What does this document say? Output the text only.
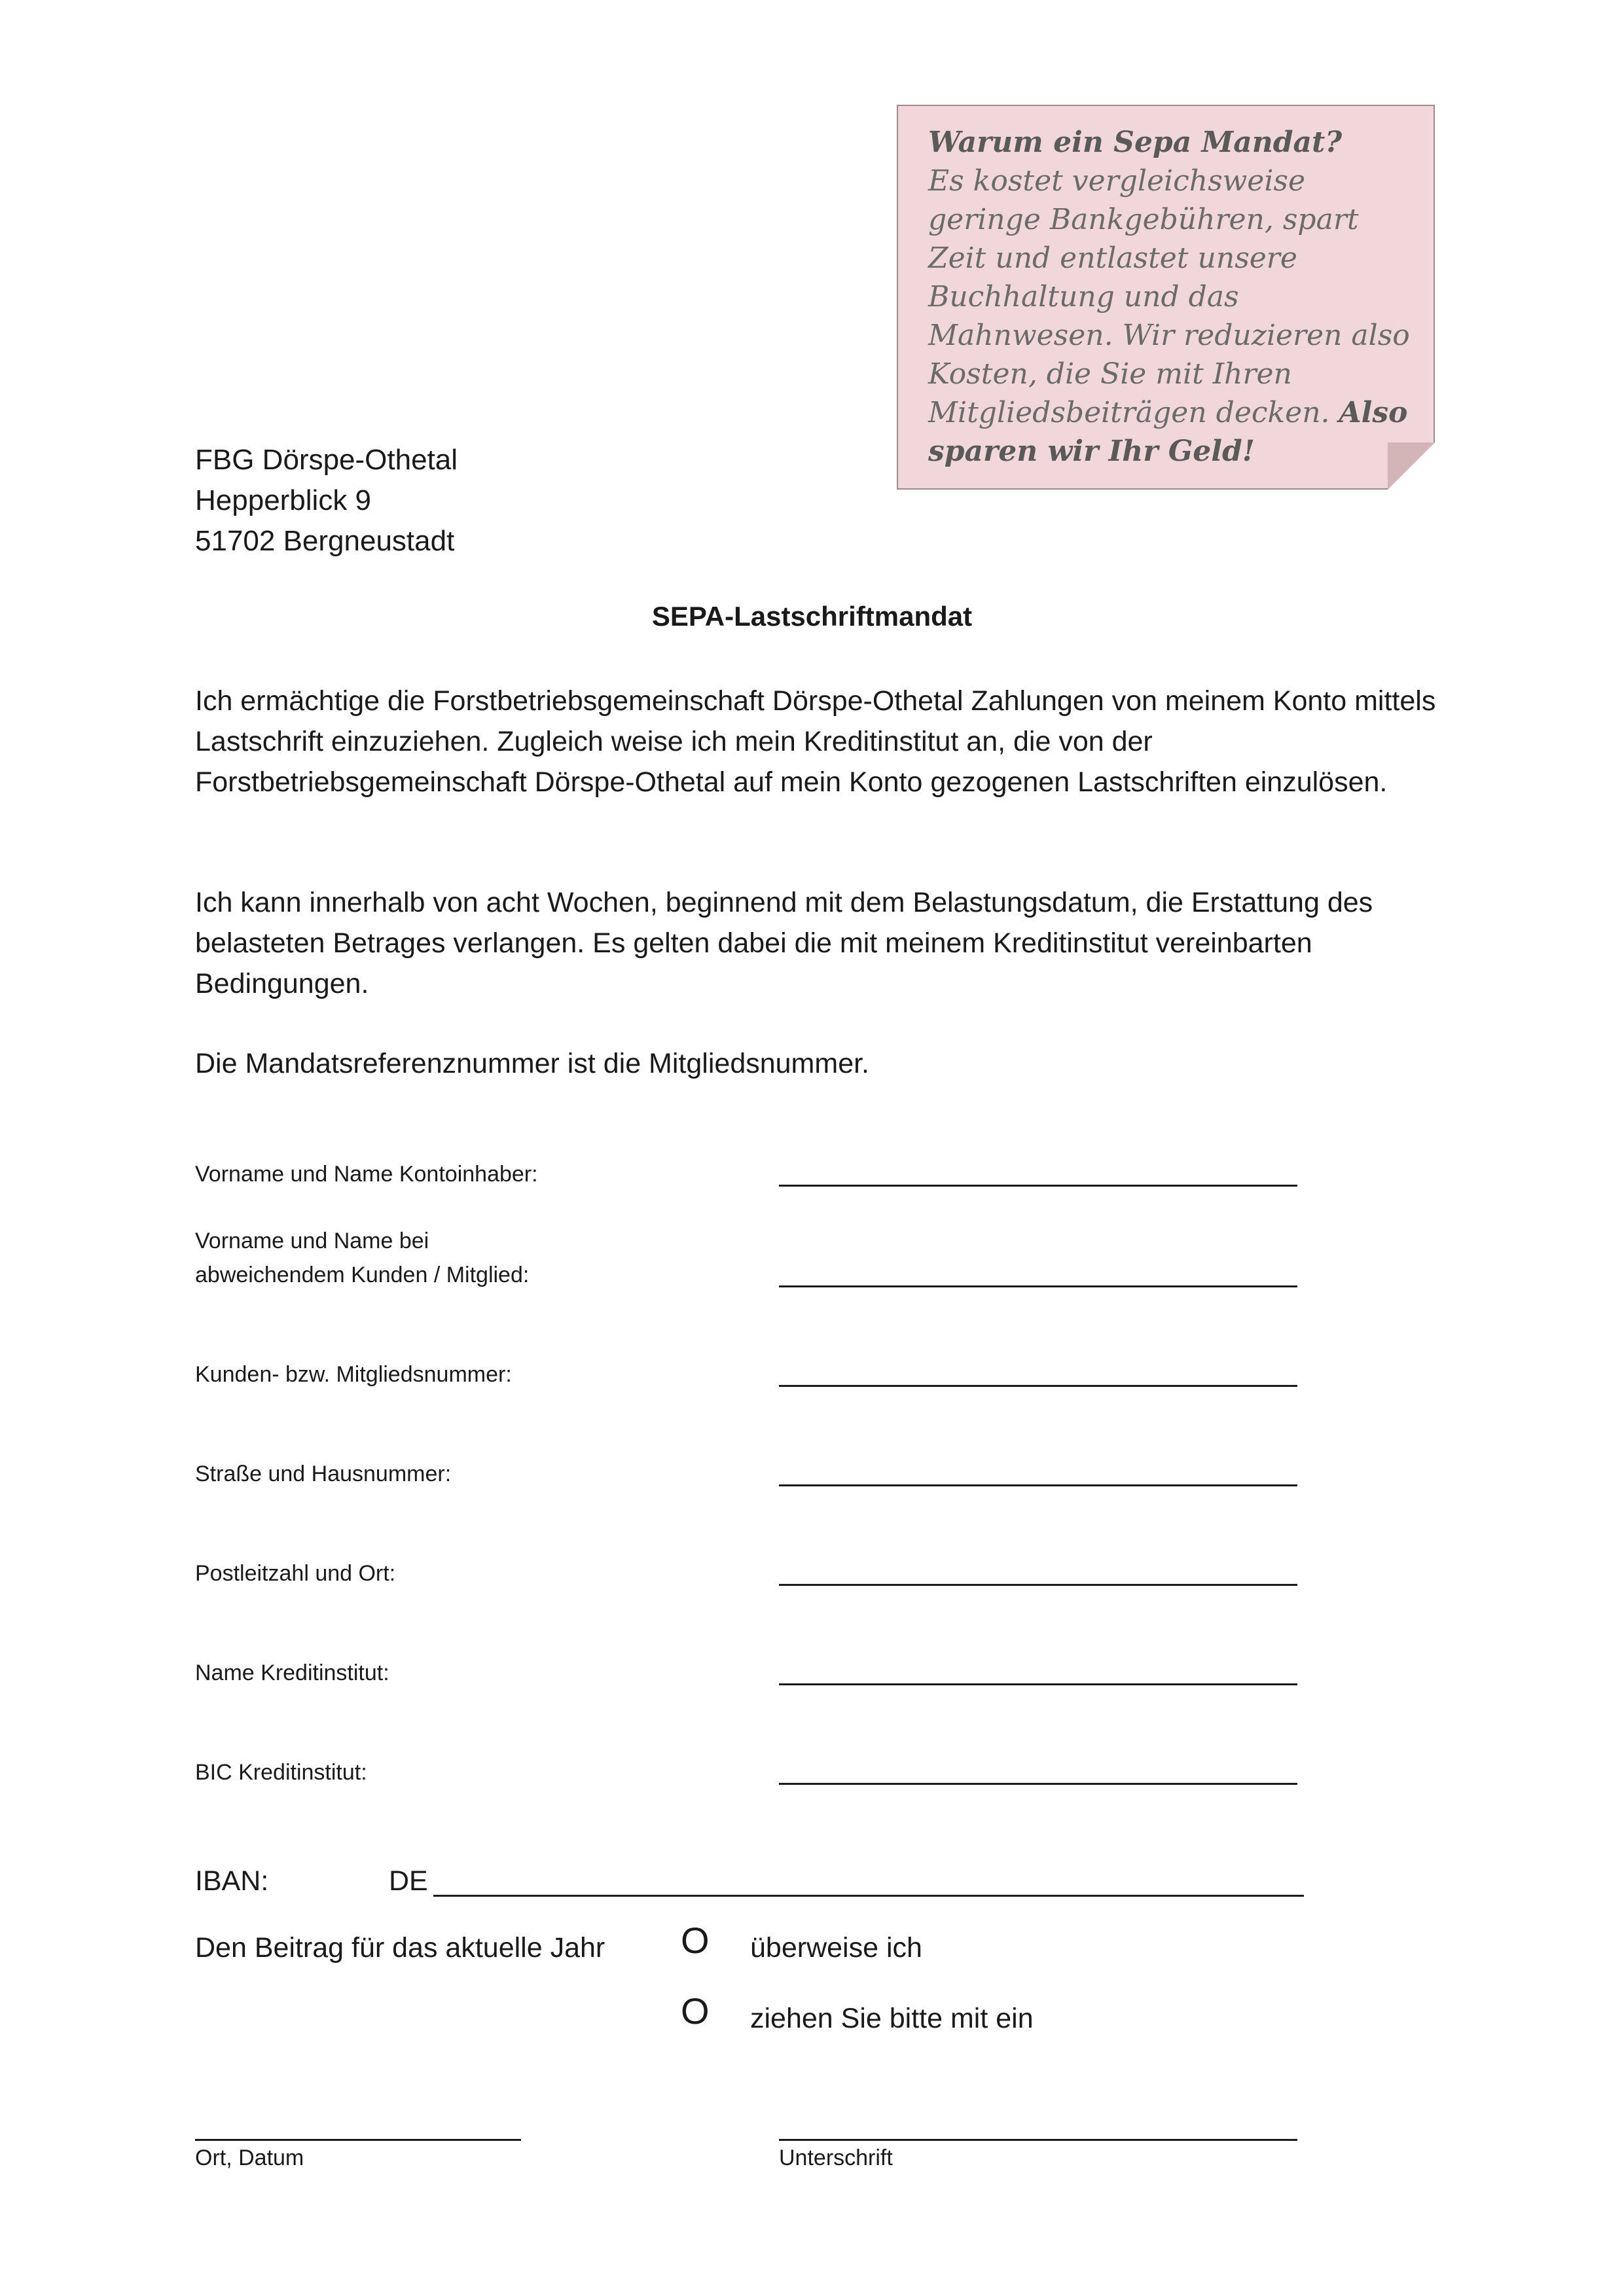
Warum ein Sepa Mandat?
Es kostet vergleichsweise geringe Bankgebühren, spart Zeit und entlastet unsere Buchhaltung und das Mahnwesen. Wir reduzieren also Kosten, die Sie mit Ihren Mitgliedsbeiträgen decken. Also sparen wir Ihr Geld!
FBG Dörspe-Othetal
Hepperblick 9
51702 Bergneustadt
SEPA-Lastschriftmandat
Ich ermächtige die Forstbetriebsgemeinschaft Dörspe-Othetal Zahlungen von meinem Konto mittels Lastschrift einzuziehen. Zugleich weise ich mein Kreditinstitut an, die von der Forstbetriebsgemeinschaft Dörspe-Othetal auf mein Konto gezogenen Lastschriften einzulösen.
Ich kann innerhalb von acht Wochen, beginnend mit dem Belastungsdatum, die Erstattung des belasteten Betrages verlangen. Es gelten dabei die mit meinem Kreditinstitut vereinbarten Bedingungen.
Die Mandatsreferenznummer ist die Mitgliedsnummer.
Vorname und Name Kontoinhaber:
Vorname und Name bei
abweichendem Kunden / Mitglied:
Kunden- bzw. Mitgliedsnummer:
Straße und Hausnummer:
Postleitzahl und Ort:
Name Kreditinstitut:
BIC Kreditinstitut:
IBAN:	DE
Den Beitrag für das aktuelle Jahr O überweise ich
O ziehen Sie bitte mit ein
Ort, Datum	Unterschrift
